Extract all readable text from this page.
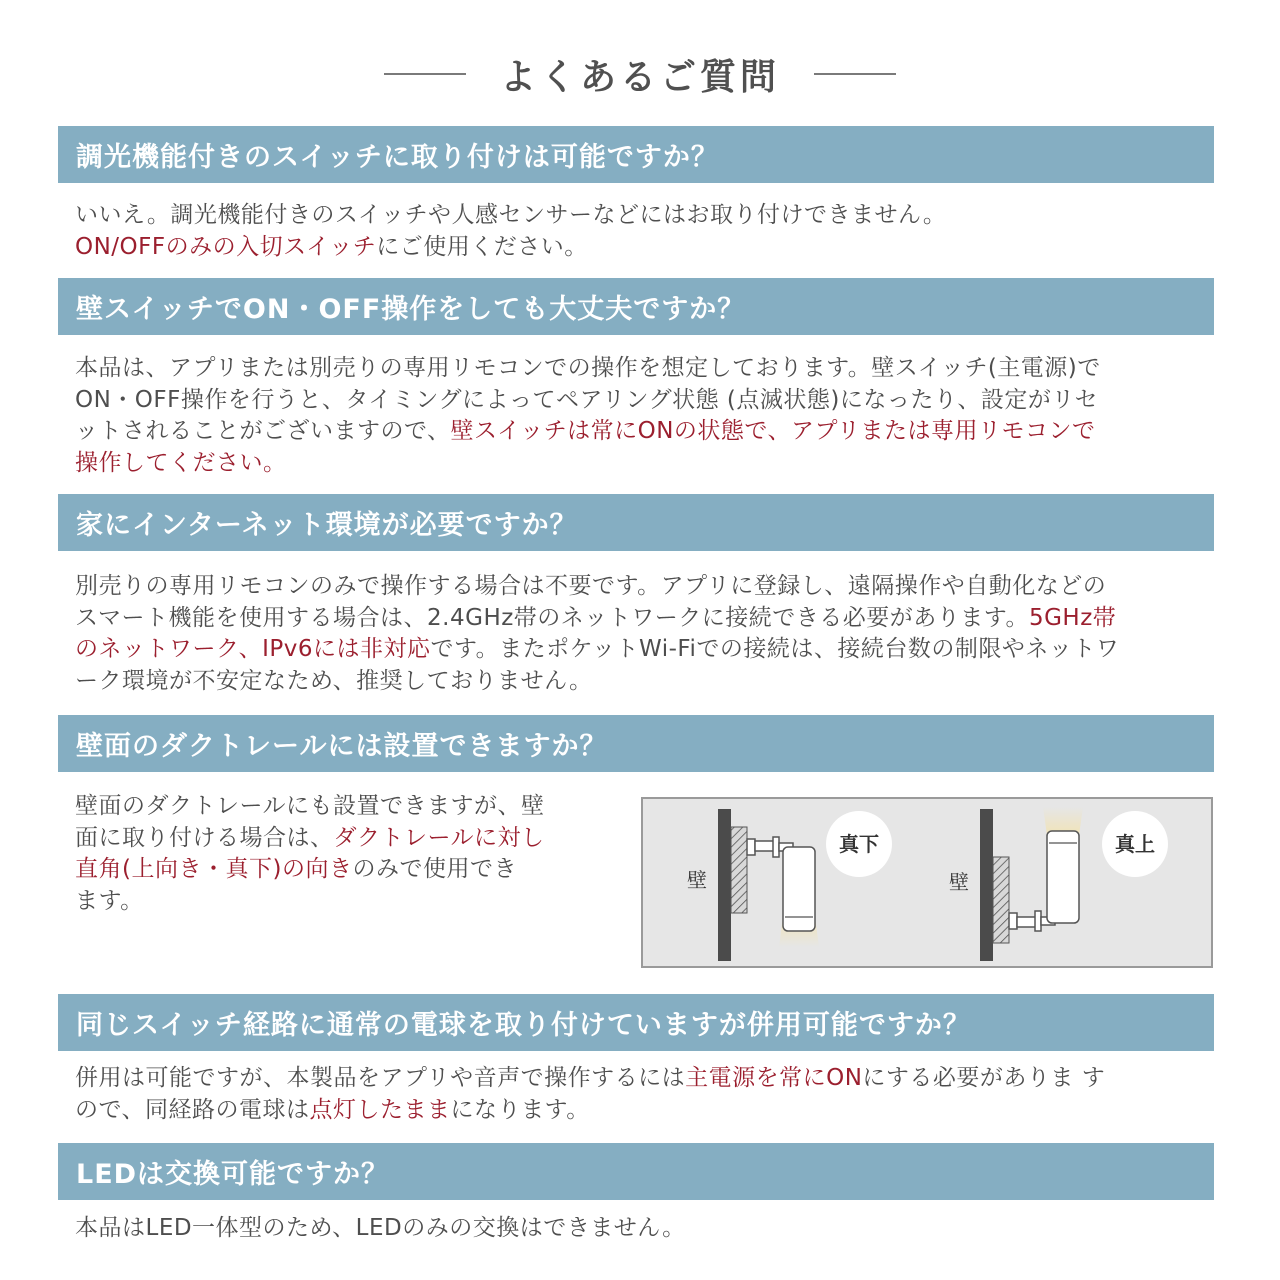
よくあるご質問
調光機能付きのスイッチに取り付けは可能ですか？
いいえ。調光機能付きのスイッチや人感センサーなどにはお取り付けできません。
ON/OFFのみの入切スイッチにご使用ください。
壁スイッチでON・OFF操作をしても大丈夫ですか？
本品は、アプリまたは別売りの専用リモコンでの操作を想定しております。壁スイッチ(主電源)で
ON・OFF操作を行うと、タイミングによってペアリング状態 (点滅状態)になったり、設定がリセ
ットされることがございますので、壁スイッチは常にONの状態で、アプリまたは専用リモコンで
操作してください。
家にインターネット環境が必要ですか？
別売りの専用リモコンのみで操作する場合は不要です。アプリに登録し、遠隔操作や自動化などの
スマート機能を使用する場合は、2.4GHz帯のネットワークに接続できる必要があります。5GHz帯
のネットワーク、IPv6には非対応です。またポケットWi-Fiでの接続は、接続台数の制限やネットワ
ーク環境が不安定なため、推奨しておりません。
壁面のダクトレールには設置できますか？
壁面のダクトレールにも設置できますが、壁
面に取り付ける場合は、ダクトレールに対し
直角(上向き・真下)の向きのみで使用でき
ます。
真下
壁
真上
壁
同じスイッチ経路に通常の電球を取り付けていますが併用可能ですか？
併用は可能ですが、本製品をアプリや音声で操作するには主電源を常にONにする必要がありま す
ので、同経路の電球は点灯したままになります。
LEDは交換可能ですか？
本品はLED一体型のため、LEDのみの交換はできません。
